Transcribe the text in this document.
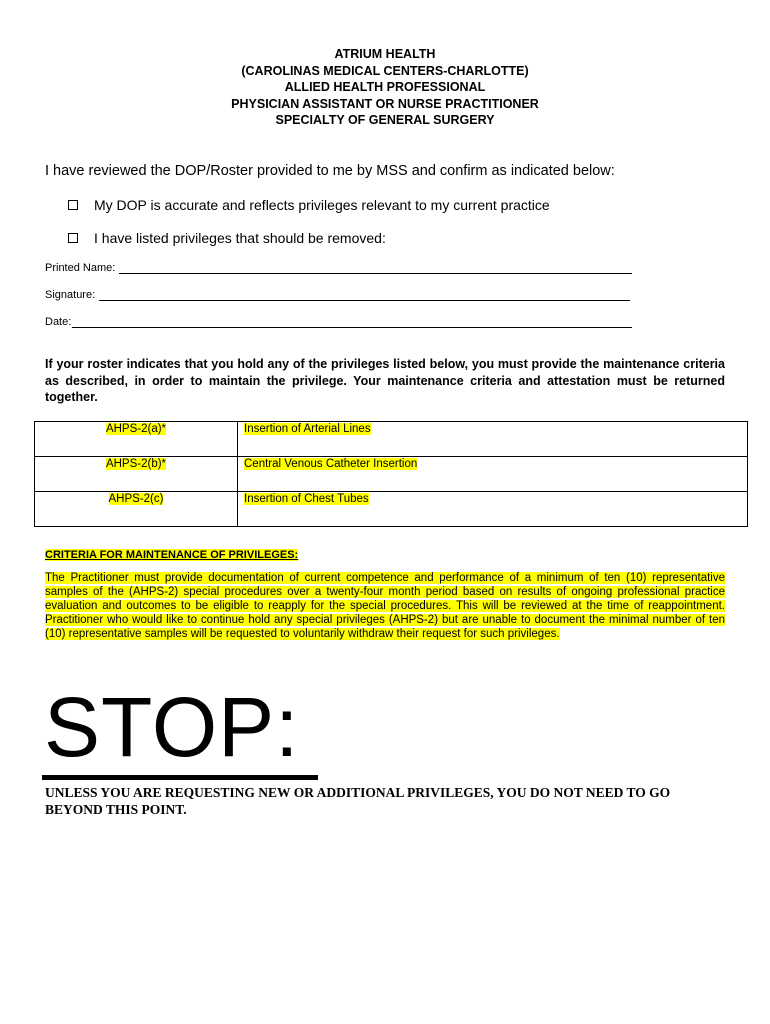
ATRIUM HEALTH
(CAROLINAS MEDICAL CENTERS-CHARLOTTE)
ALLIED HEALTH PROFESSIONAL
PHYSICIAN ASSISTANT OR NURSE PRACTITIONER
SPECIALTY OF GENERAL SURGERY
I have reviewed the DOP/Roster provided to me by MSS and confirm as indicated below:
My DOP is accurate and reflects privileges relevant to my current practice
I have listed privileges that should be removed:
Printed Name:
Signature:
Date:
If your roster indicates that you hold any of the privileges listed below, you must provide the maintenance criteria as described, in order to maintain the privilege. Your maintenance criteria and attestation must be returned together.
AHPS-2(a)*	Insertion of Arterial Lines
AHPS-2(b)*	Central Venous Catheter Insertion
AHPS-2(c)	Insertion of Chest Tubes
CRITERIA FOR MAINTENANCE OF PRIVILEGES:
The Practitioner must provide documentation of current competence and performance of a minimum of ten (10) representative samples of the (AHPS-2) special procedures over a twenty-four month period based on results of ongoing professional practice evaluation and outcomes to be eligible to reapply for the special procedures. This will be reviewed at the time of reappointment. Practitioner who would like to continue hold any special privileges (AHPS-2) but are unable to document the minimal number of ten (10) representative samples will be requested to voluntarily withdraw their request for such privileges.
STOP:
UNLESS YOU ARE REQUESTING NEW OR ADDITIONAL PRIVILEGES, YOU DO NOT NEED TO GO BEYOND THIS POINT.
